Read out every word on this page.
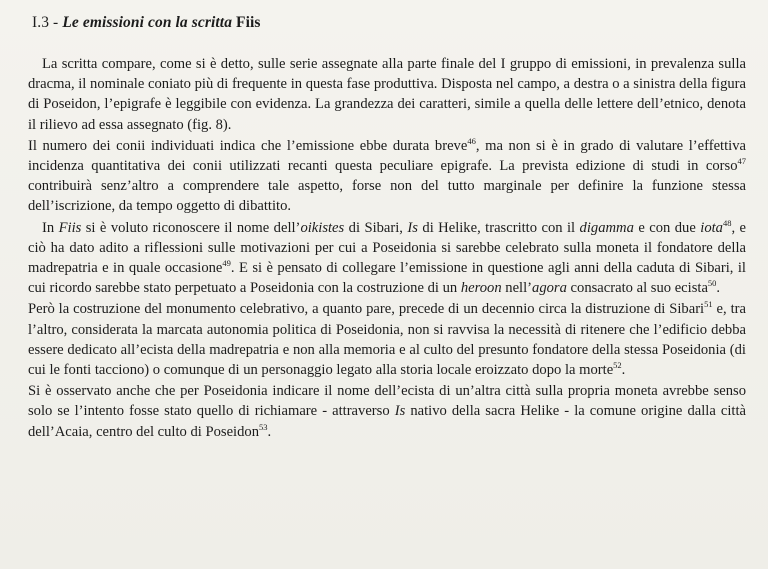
I.3 - Le emissioni con la scritta Fiis

La scritta compare, come si è detto, sulle serie assegnate alla parte finale del I gruppo di emissioni, in prevalenza sulla dracma, il nominale coniato più di frequente in questa fase produttiva. Disposta nel campo, a destra o a sinistra della figura di Poseidon, l’epigrafe è leggibile con evidenza. La grandezza dei caratteri, simile a quella delle lettere dell’etnico, denota il rilievo ad essa assegnato (fig. 8).

Il numero dei conii individuati indica che l’emissione ebbe durata breve$^{46}$, ma non si è in grado di valutare l’effettiva incidenza quantitativa dei conii utilizzati recanti questa peculiare epigrafe. La prevista edizione di studi in corso$^{47}$ contribuirà senz’altro a comprendere tale aspetto, forse non del tutto marginale per definire la funzione stessa dell’iscrizione, da tempo oggetto di dibattito.

In Fiis si è voluto riconoscere il nome dell’oikistes di Sibari, Is di Helike, trascritto con il digamma e con due iota$^{48}$, e ciò ha dato adito a riflessioni sulle motivazioni per cui a Poseidonia si sarebbe celebrato sulla moneta il fondatore della madrepatria e in quale occasione$^{49}$. E si è pensato di collegare l’emissione in questione agli anni della caduta di Sibari, il cui ricordo sarebbe stato perpetuato a Poseidonia con la costruzione di un heroon nell’agora consacrato al suo ecista$^{50}$.

Però la costruzione del monumento celebrativo, a quanto pare, precede di un decennio circa la distruzione di Sibari$^{51}$ e, tra l’altro, considerata la marcata autonomia politica di Poseidonia, non si ravvisa la necessità di ritenere che l’edificio debba essere dedicato all’ecista della madrepatria e non alla memoria e al culto del presunto fondatore della stessa Poseidonia (di cui le fonti tacciono) o comunque di un personaggio legato alla storia locale eroizzato dopo la morte$^{52}$.

Si è osservato anche che per Poseidonia indicare il nome dell’ecista di un’altra città sulla propria moneta avrebbe senso solo se l’intento fosse stato quello di richiamare - attraverso Is nativo della sacra Helike - la comune origine dalla città dell’Acaia, centro del culto di Poseidon$^{53}$.
